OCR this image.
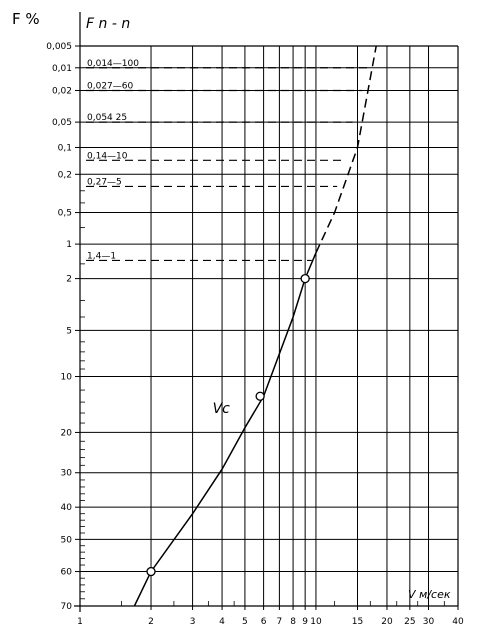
0,005
0,01
0,02
0,05
0,1
0,2
0,5
1
2
5
10
20
30
40
50
60
70
1	2	3	4 5 6 7 8 9 10	15 20 25 30 40
0,014—100
0,027—60
0,054 25
0,14—10
0,27—5
1,4—1
F %	F n - n
V м/сек
Vc
